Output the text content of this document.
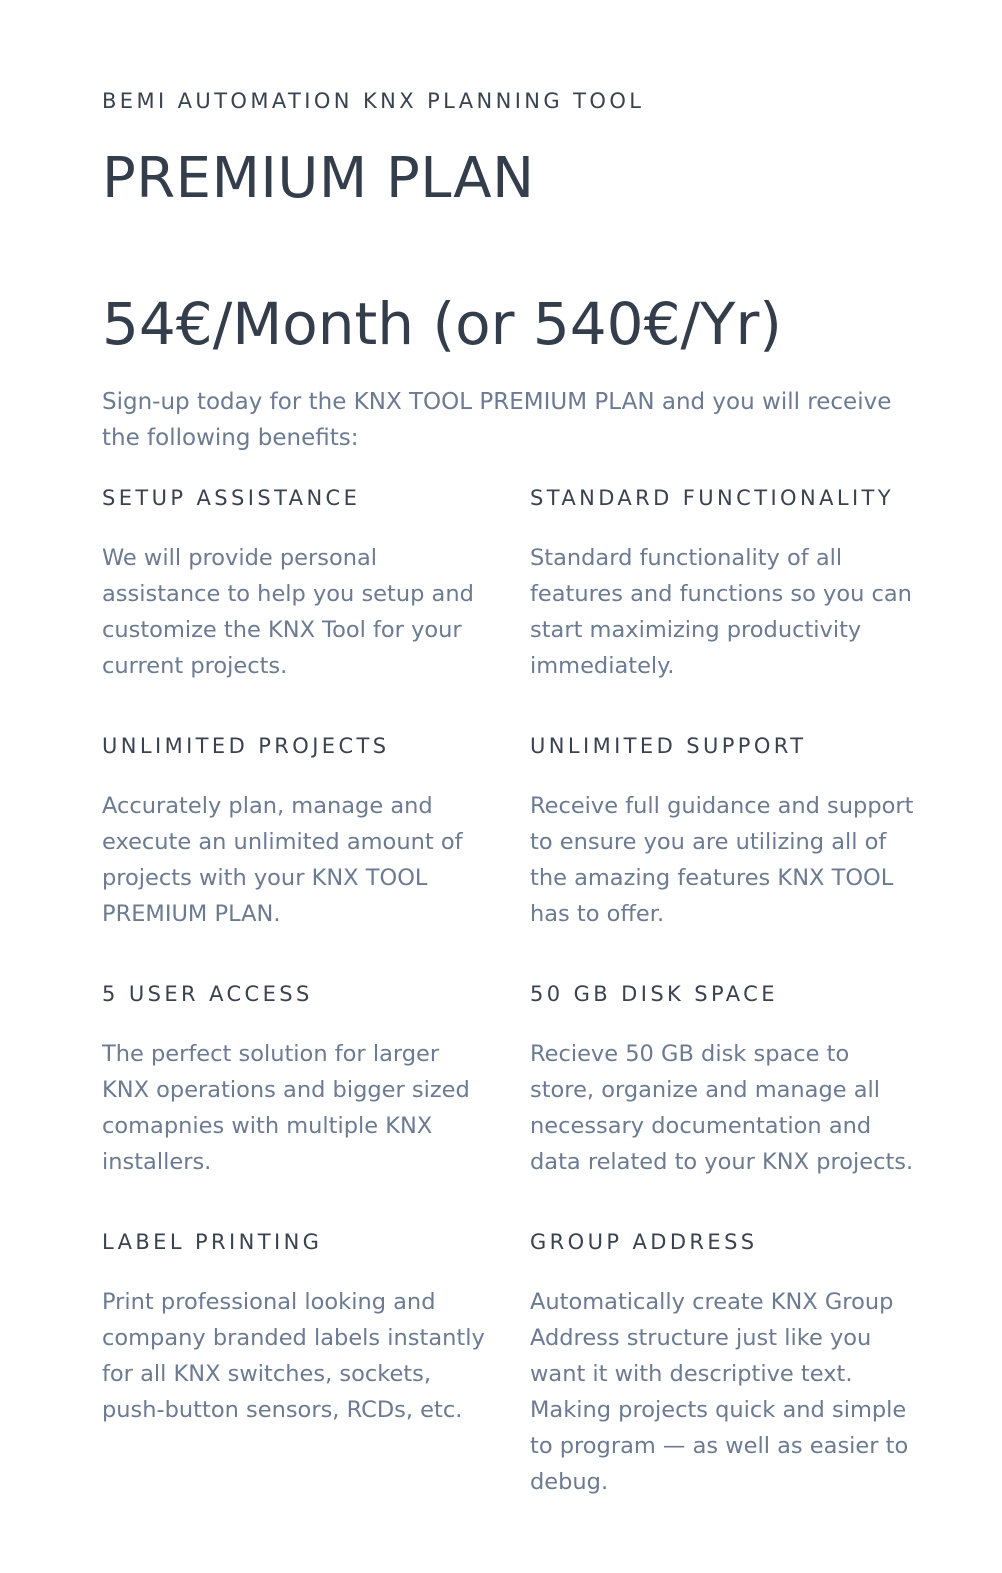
BEMI AUTOMATION KNX PLANNING TOOL
PREMIUM PLAN
54€/Month (or 540€/Yr)

Sign-up today for the KNX TOOL PREMIUM PLAN and you will receive the following benefits:

SETUP ASSISTANCE

We will provide personal assistance to help you setup and customize the KNX Tool for your current projects.

STANDARD FUNCTIONALITY

Standard functionality of all features and functions so you can start maximizing productivity immediately.

UNLIMITED PROJECTS

Accurately plan, manage and execute an unlimited amount of projects with your KNX TOOL PREMIUM PLAN.

UNLIMITED SUPPORT

Receive full guidance and support to ensure you are utilizing all of the amazing features KNX TOOL has to offer.

5 USER ACCESS

The perfect solution for larger KNX operations and bigger sized comapnies with multiple KNX installers.

50 GB DISK SPACE

Recieve 50 GB disk space to store, organize and manage all necessary documentation and data related to your KNX projects.

LABEL PRINTING

Print professional looking and company branded labels instantly for all KNX switches, sockets, push-button sensors, RCDs, etc.

GROUP ADDRESS

Automatically create KNX Group Address structure just like you want it with descriptive text. Making projects quick and simple to program — as well as easier to debug.
